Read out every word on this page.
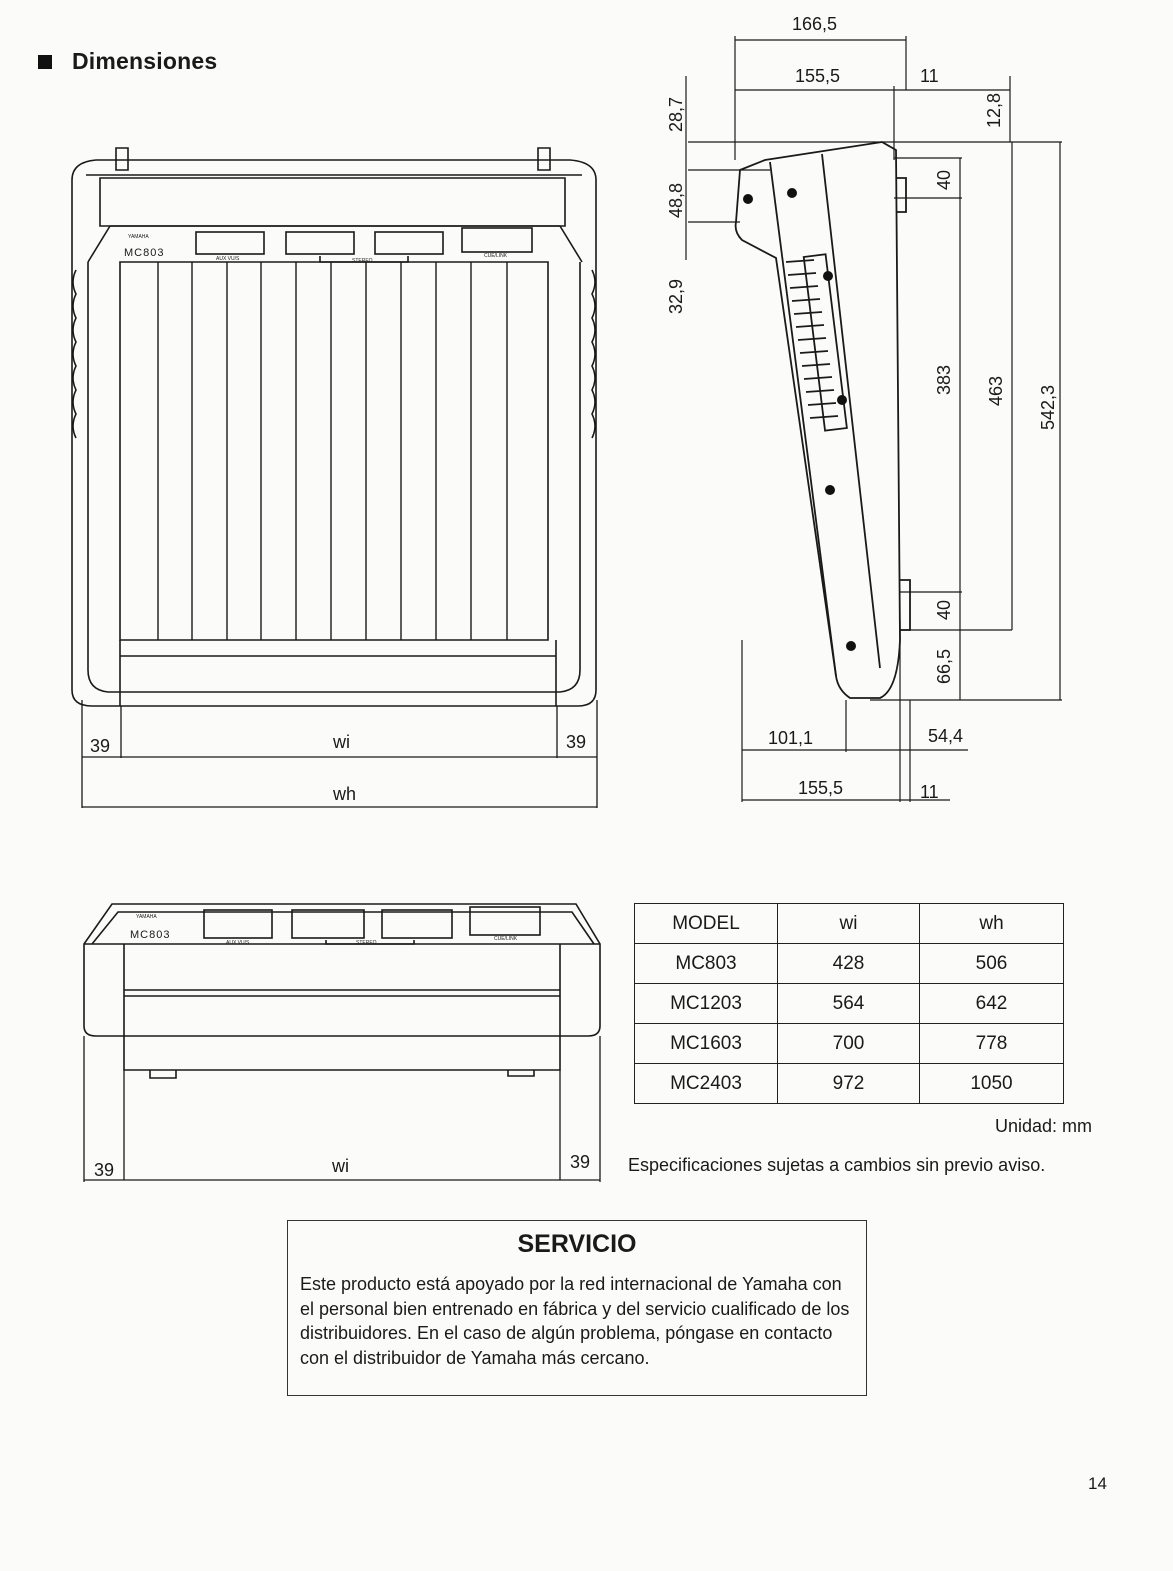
Dimensiones
YAMAHA
MC803	AUX VU/S	STEREO
CUE/LINK
39	wi	39
wh
166,5
155,5	11
12,8
28,7
48,8
32,9
40
383
40
66,5
463 542,3
101,1	54,4
155,5	11
YAMAHA
MC803
AUX VU/S	STEREO
CUE/LINK
39	wi	39
MODEL	wi	wh
MC803	428	506
MC1203	564	642
MC1603	700	778
MC2403	972	1050
Unidad: mm
Especificaciones sujetas a cambios sin previo aviso.
SERVICIO
Este producto está apoyado por la red internacional de Yamaha con el personal bien entrenado en fábrica y del servicio cualificado de los distribuidores. En el caso de algún problema, póngase en contacto con el distribuidor de Yamaha más cercano.
14
